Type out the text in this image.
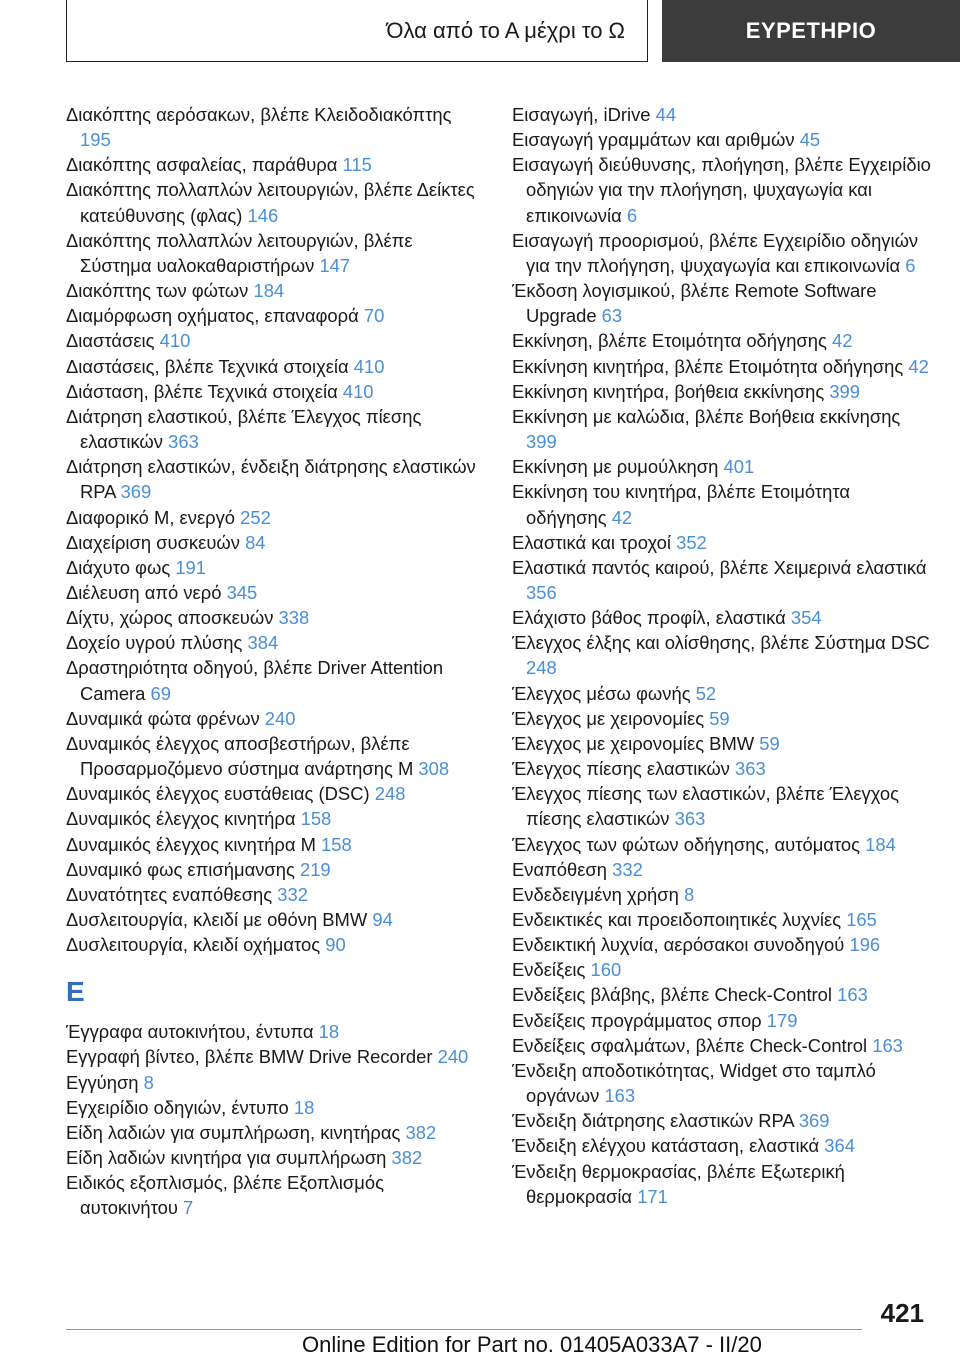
Όλα από το Α μέχρι το Ω	ΕΥΡΕΤΗΡΙΟ
Διακόπτης αερόσακων, βλέπε Κλειδοδιακόπτης 195
Διακόπτης ασφαλείας, παράθυρα 115
Διακόπτης πολλαπλών λειτουργιών, βλέπε Δείκτες κατεύθυνσης (φλας) 146
Διακόπτης πολλαπλών λειτουργιών, βλέπε Σύστημα υαλοκαθαριστήρων 147
Διακόπτης των φώτων 184
Διαμόρφωση οχήματος, επαναφορά 70
Διαστάσεις 410
Διαστάσεις, βλέπε Τεχνικά στοιχεία 410
Διάσταση, βλέπε Τεχνικά στοιχεία 410
Διάτρηση ελαστικού, βλέπε Έλεγχος πίεσης ελαστικών 363
Διάτρηση ελαστικών, ένδειξη διάτρησης ελαστικών RPA 369
Διαφορικό M, ενεργό 252
Διαχείριση συσκευών 84
Διάχυτο φως 191
Διέλευση από νερό 345
Δίχτυ, χώρος αποσκευών 338
Δοχείο υγρού πλύσης 384
Δραστηριότητα οδηγού, βλέπε Driver Attention Camera 69
Δυναμικά φώτα φρένων 240
Δυναμικός έλεγχος αποσβεστήρων, βλέπε Προσαρμοζόμενο σύστημα ανάρτησης M 308
Δυναμικός έλεγχος ευστάθειας (DSC) 248
Δυναμικός έλεγχος κινητήρα 158
Δυναμικός έλεγχος κινητήρα M 158
Δυναμικό φως επισήμανσης 219
Δυνατότητες εναπόθεσης 332
Δυσλειτουργία, κλειδί με οθόνη BMW 94
Δυσλειτουργία, κλειδί οχήματος 90
Ε
Έγγραφα αυτοκινήτου, έντυπα 18
Εγγραφή βίντεο, βλέπε BMW Drive Recorder 240
Εγγύηση 8
Εγχειρίδιο οδηγιών, έντυπο 18
Είδη λαδιών για συμπλήρωση, κινητήρας 382
Είδη λαδιών κινητήρα για συμπλήρωση 382
Ειδικός εξοπλισμός, βλέπε Εξοπλισμός αυτοκινήτου 7
Εισαγωγή, iDrive 44
Εισαγωγή γραμμάτων και αριθμών 45
Εισαγωγή διεύθυνσης, πλοήγηση, βλέπε Εγχειρίδιο οδηγιών για την πλοήγηση, ψυχαγωγία και επικοινωνία 6
Εισαγωγή προορισμού, βλέπε Εγχειρίδιο οδηγιών για την πλοήγηση, ψυχαγωγία και επικοινωνία 6
Έκδοση λογισμικού, βλέπε Remote Software Upgrade 63
Εκκίνηση, βλέπε Ετοιμότητα οδήγησης 42
Εκκίνηση κινητήρα, βλέπε Ετοιμότητα οδήγησης 42
Εκκίνηση κινητήρα, βοήθεια εκκίνησης 399
Εκκίνηση με καλώδια, βλέπε Βοήθεια εκκίνησης 399
Εκκίνηση με ρυμούλκηση 401
Εκκίνηση του κινητήρα, βλέπε Ετοιμότητα οδήγησης 42
Ελαστικά και τροχοί 352
Ελαστικά παντός καιρού, βλέπε Χειμερινά ελαστικά 356
Ελάχιστο βάθος προφίλ, ελαστικά 354
Έλεγχος έλξης και ολίσθησης, βλέπε Σύστημα DSC 248
Έλεγχος μέσω φωνής 52
Έλεγχος με χειρονομίες 59
Έλεγχος με χειρονομίες BMW 59
Έλεγχος πίεσης ελαστικών 363
Έλεγχος πίεσης των ελαστικών, βλέπε Έλεγχος πίεσης ελαστικών 363
Έλεγχος των φώτων οδήγησης, αυτόματος 184
Εναπόθεση 332
Ενδεδειγμένη χρήση 8
Ενδεικτικές και προειδοποιητικές λυχνίες 165
Ενδεικτική λυχνία, αερόσακοι συνοδηγού 196
Ενδείξεις 160
Ενδείξεις βλάβης, βλέπε Check-Control 163
Ενδείξεις προγράμματος σπορ 179
Ενδείξεις σφαλμάτων, βλέπε Check-Control 163
Ένδειξη αποδοτικότητας, Widget στο ταμπλό οργάνων 163
Ένδειξη διάτρησης ελαστικών RPA 369
Ένδειξη ελέγχου κατάσταση, ελαστικά 364
Ένδειξη θερμοκρασίας, βλέπε Εξωτερική θερμοκρασία 171
421
Online Edition for Part no. 01405A033A7 - II/20
